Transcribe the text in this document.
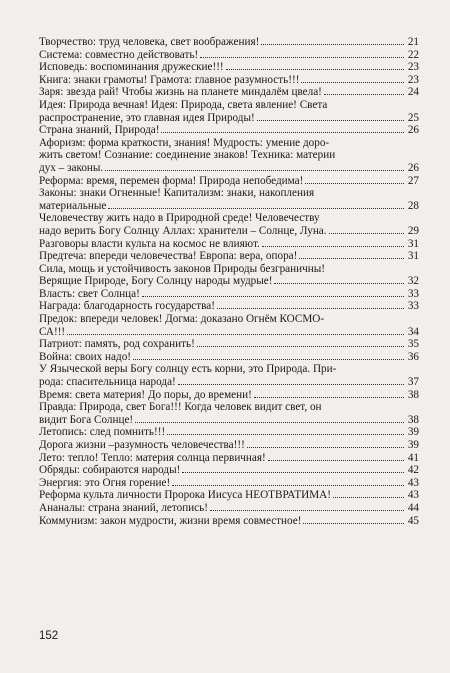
Творчество: труд человека, свет воображения!	21
Система: совместно действовать!	22
Исповедь: воспоминания дружеские!!!	23
Книга: знаки грамоты! Грамота: главное разумность!!!	23
Заря: звезда рай! Чтобы жизнь на планете миндалём цвела!	24
Идея: Природа вечная! Идея: Природа, света явление! Света
распространение, это главная идея Природы!	25
Страна знаний, Природа!	26
Афоризм: форма краткости, знания! Мудрость: умение доро-
жить светом! Сознание: соединение знаков! Техника: материи
дух – законы.	26
Реформа: время, перемен форма! Природа непобедима!	27
Законы: знаки Огненные! Капитализм: знаки, накопления
материальные	28
Человечеству жить надо в Природной среде! Человечеству
надо верить Богу Солнцу Аллах: хранители – Солнце, Луна.	29
Разговоры власти культа на космос не влияют.	31
Предтеча: впереди человечества! Европа: вера, опора!	31
Сила, мощь и устойчивость законов Природы безграничны!
Верящие Природе, Богу Солнцу народы мудрые!	32
Власть: свет Солнца!	33
Награда: благодарность государства!	33
Предок: впереди человек! Догма: доказано Огнём КОСМО-
СА!!!	34
Патриот: память, род сохранить!	35
Война: своих надо!	36
У Языческой веры Богу солнцу есть корни, это Природа. При-
рода: спасительница народа!	37
Время: света материя! До поры, до времени!	38
Правда: Природа, свет Бога!!! Когда человек видит свет, он
видит Бога Солнце!	38
Летопись: след помнить!!!	39
Дорога жизни –разумность человечества!!!	39
Лето: тепло! Тепло: материя солнца первичная!	41
Обряды: собираются народы!	42
Энергия: это Огня горение!	43
Реформа культа личности Пророка Иисуса НЕОТВРАТИМА!	43
Ананалы: страна знаний, летопись!	44
Коммунизм: закон мудрости, жизни время совместное!	45
152
